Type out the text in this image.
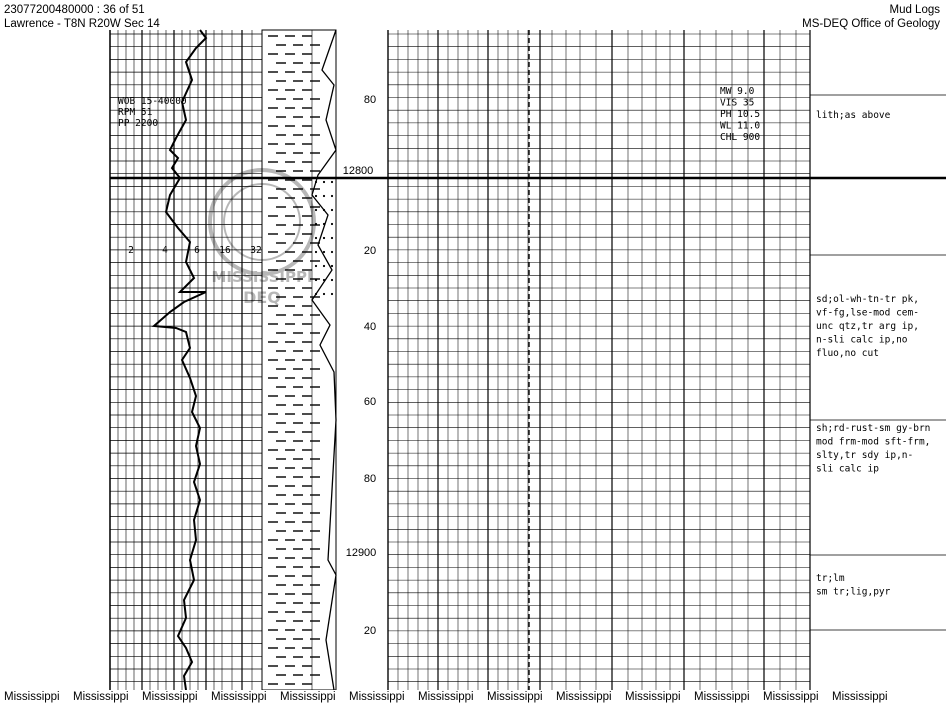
23077200480000 : 36 of 51
Lawrence - T8N R20W Sec 14
Mud Logs
MS-DEQ Office of Geology
MISSISSIPPI
DEQ
WOB 15-40000
RPM 51
PP 2200
MW 9.0
VIS 35
PH 10.5
WL 11.0
CHL 900
2	4	6 16 32
80
12800
20
40
60
80
12900
20
lith;as above
sd;ol-wh-tn-tr pk,
vf-fg,lse-mod cem-
unc qtz,tr arg ip,
n-sli calc ip,no
fluo,no cut
sh;rd-rust-sm gy-brn
mod frm-mod sft-frm,
slty,tr sdy ip,n-
sli calc ip
tr;lm
sm tr;lig,pyr
Mississippi Mississippi Mississippi Mississippi Mississippi Mississippi Mississippi Mississippi Mississippi Mississippi Mississippi Mississippi Mississippi
